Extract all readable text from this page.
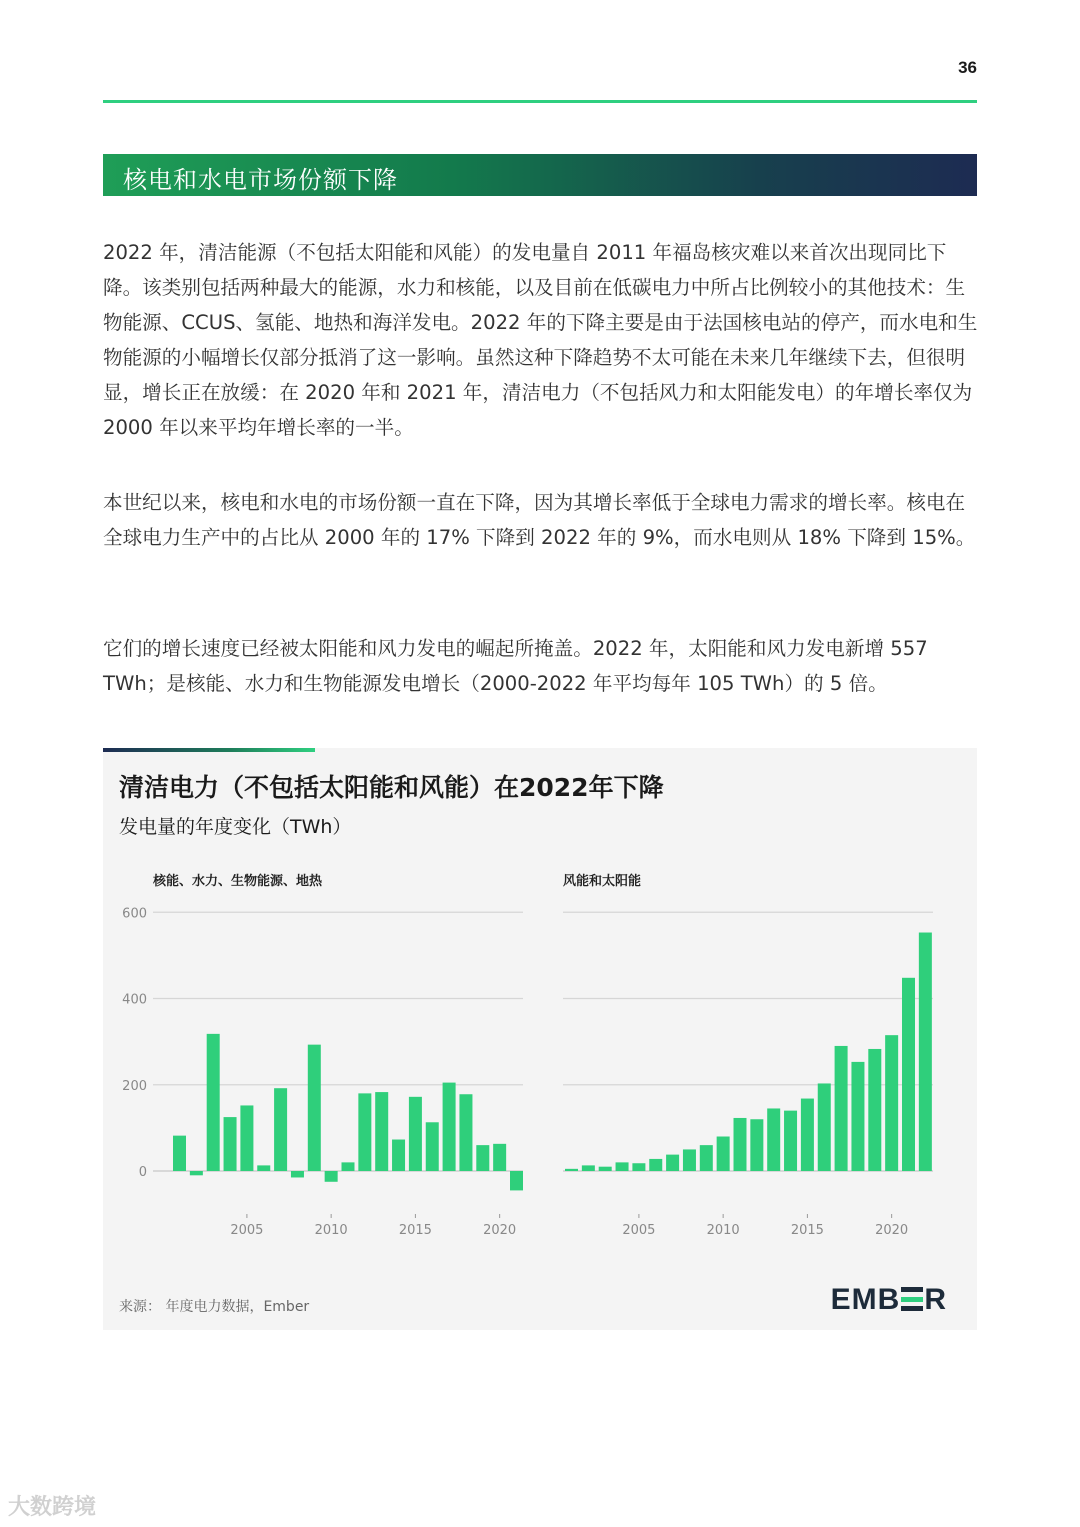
36
核电和水电市场份额下降
2022 年，清洁能源（不包括太阳能和风能）的发电量自 2011 年福岛核灾难以来首次出现同比下降。该类别包括两种最大的能源，水力和核能，以及目前在低碳电力中所占比例较小的其他技术：生物能源、CCUS、氢能、地热和海洋发电。2022 年的下降主要是由于法国核电站的停产，而水电和生物能源的小幅增长仅部分抵消了这一影响。虽然这种下降趋势不太可能在未来几年继续下去，但很明显，增长正在放缓：在 2020 年和 2021 年，清洁电力（不包括风力和太阳能发电）的年增长率仅为 2000 年以来平均年增长率的一半。
本世纪以来，核电和水电的市场份额一直在下降，因为其增长率低于全球电力需求的增长率。核电在全球电力生产中的占比从 2000 年的 17% 下降到 2022 年的 9%，而水电则从 18% 下降到 15%。
它们的增长速度已经被太阳能和风力发电的崛起所掩盖。2022 年，太阳能和风力发电新增 557 TWh；是核能、水力和生物能源发电增长（2000-2022 年平均每年 105 TWh）的 5 倍。
清洁电力（不包括太阳能和风能）在2022年下降
发电量的年度变化（TWh）
核能、水力、生物能源、地热	风能和太阳能
0
200
400
600
2005	2010	2015	2020	2005	2010	2015	2020
来源： 年度电力数据，Ember	EMB R
大数跨境
